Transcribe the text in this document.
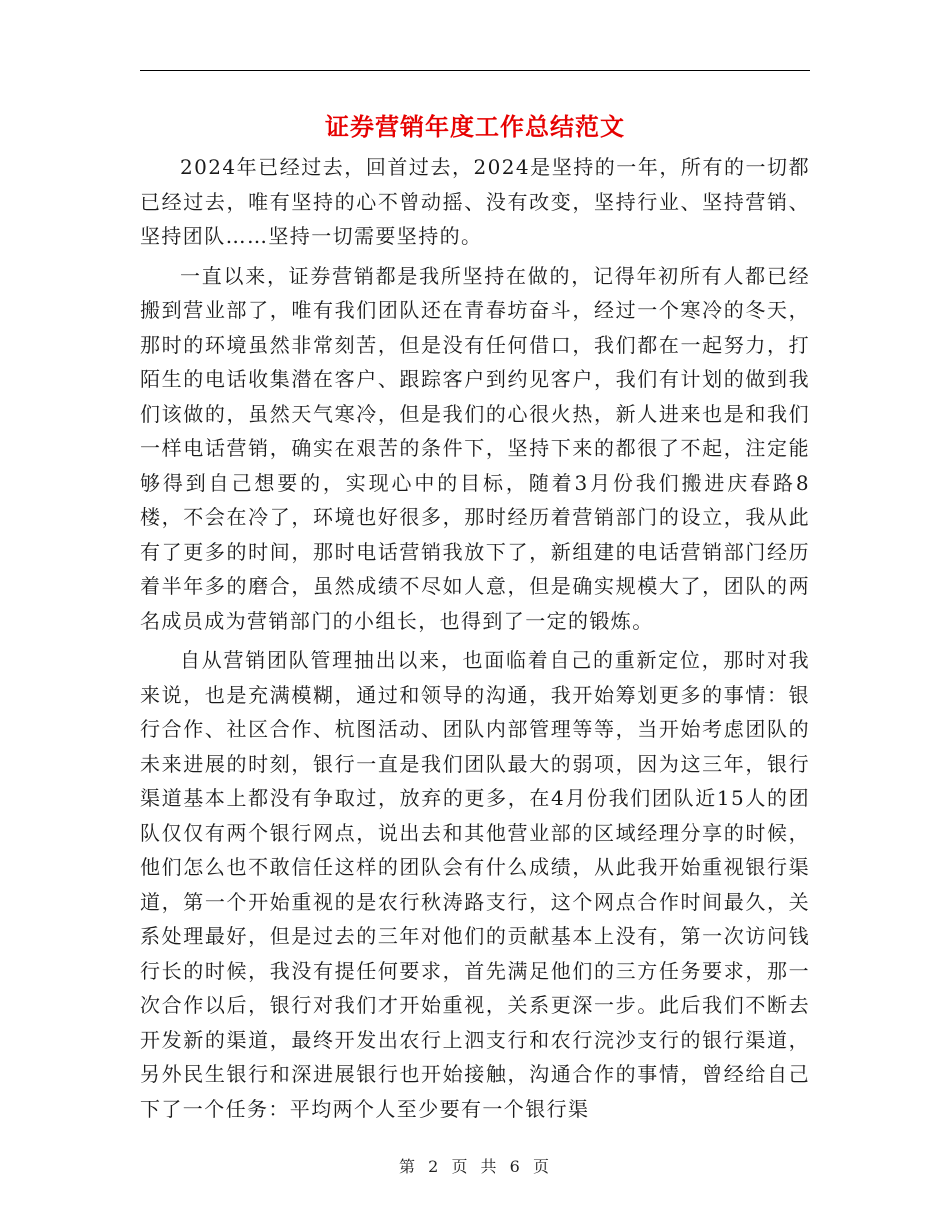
证券营销年度工作总结范文

2024年已经过去，回首过去，2024是坚持的一年，所有的一切都已经过去，唯有坚持的心不曾动摇、没有改变，坚持行业、坚持营销、坚持团队……坚持一切需要坚持的。

一直以来，证券营销都是我所坚持在做的，记得年初所有人都已经搬到营业部了，唯有我们团队还在青春坊奋斗，经过一个寒冷的冬天，那时的环境虽然非常刻苦，但是没有任何借口，我们都在一起努力，打陌生的电话收集潜在客户、跟踪客户到约见客户，我们有计划的做到我们该做的，虽然天气寒冷，但是我们的心很火热，新人进来也是和我们一样电话营销，确实在艰苦的条件下，坚持下来的都很了不起，注定能够得到自己想要的，实现心中的目标，随着3月份我们搬进庆春路8楼，不会在冷了，环境也好很多，那时经历着营销部门的设立，我从此有了更多的时间，那时电话营销我放下了，新组建的电话营销部门经历着半年多的磨合，虽然成绩不尽如人意，但是确实规模大了，团队的两名成员成为营销部门的小组长，也得到了一定的锻炼。

自从营销团队管理抽出以来，也面临着自己的重新定位，那时对我来说，也是充满模糊，通过和领导的沟通，我开始筹划更多的事情：银行合作、社区合作、杭图活动、团队内部管理等等，当开始考虑团队的未来进展的时刻，银行一直是我们团队最大的弱项，因为这三年，银行渠道基本上都没有争取过，放弃的更多，在4月份我们团队近15人的团队仅仅有两个银行网点，说出去和其他营业部的区域经理分享的时候，他们怎么也不敢信任这样的团队会有什么成绩，从此我开始重视银行渠道，第一个开始重视的是农行秋涛路支行，这个网点合作时间最久，关系处理最好，但是过去的三年对他们的贡献基本上没有，第一次访问钱行长的时候，我没有提任何要求，首先满足他们的三方任务要求，那一次合作以后，银行对我们才开始重视，关系更深一步。此后我们不断去开发新的渠道，最终开发出农行上泗支行和农行浣沙支行的银行渠道，另外民生银行和深进展银行也开始接触，沟通合作的事情，曾经给自己下了一个任务：平均两个人至少要有一个银行渠

第 2 页 共 6 页
